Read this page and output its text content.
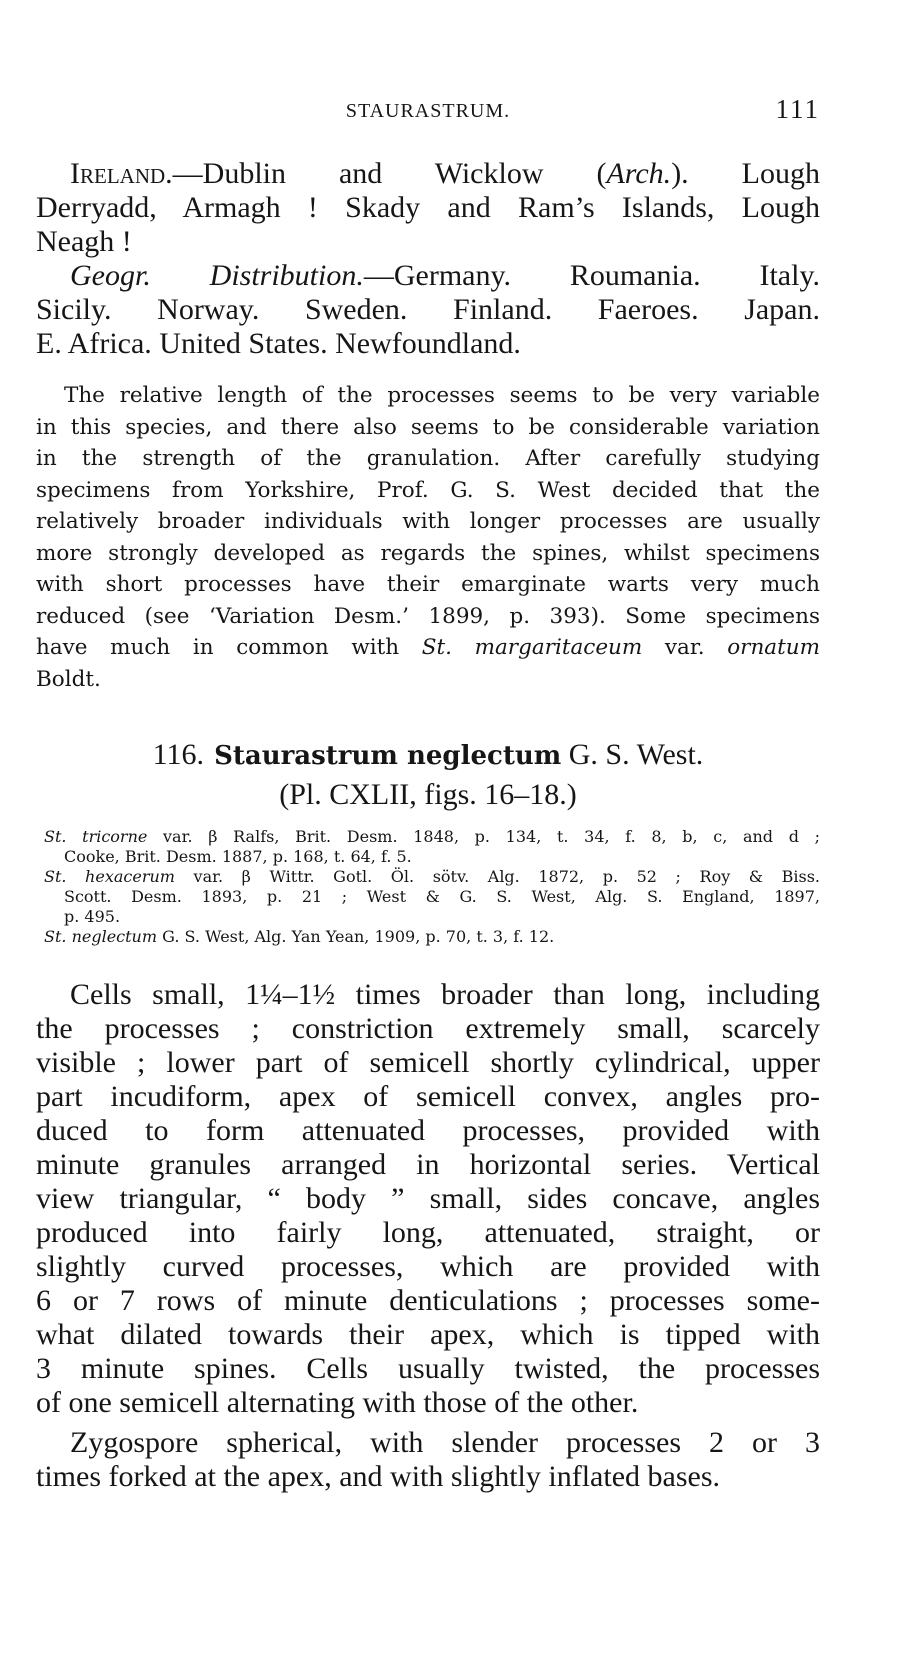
STAURASTRUM.	111
Ireland.—Dublin and Wicklow (Arch.). Lough
Derryadd, Armagh ! Skady and Ram’s Islands, Lough
Neagh !
Geogr. Distribution.—Germany. Roumania. Italy.
Sicily. Norway. Sweden. Finland. Faeroes. Japan.
E. Africa. United States. Newfoundland.
The relative length of the processes seems to be very variable
in this species, and there also seems to be considerable variation
in the strength of the granulation. After carefully studying
specimens from Yorkshire, Prof. G. S. West decided that the
relatively broader individuals with longer processes are usually
more strongly developed as regards the spines, whilst specimens
with short processes have their emarginate warts very much
reduced (see ‘Variation Desm.’ 1899, p. 393). Some specimens
have much in common with St. margaritaceum var. ornatum
Boldt.
116. Staurastrum neglectum G. S. West.
(Pl. CXLII, figs. 16–18.)
St. tricorne var. β Ralfs, Brit. Desm. 1848, p. 134, t. 34, f. 8, b, c, and d ;
Cooke, Brit. Desm. 1887, p. 168, t. 64, f. 5.
St. hexacerum var. β Wittr. Gotl. Öl. sötv. Alg. 1872, p. 52 ; Roy & Biss.
Scott. Desm. 1893, p. 21 ; West & G. S. West, Alg. S. England, 1897,
p. 495.
St. neglectum G. S. West, Alg. Yan Yean, 1909, p. 70, t. 3, f. 12.
Cells small, 1¼–1½ times broader than long, including
the processes ; constriction extremely small, scarcely
visible ; lower part of semicell shortly cylindrical, upper
part incudiform, apex of semicell convex, angles pro-
duced to form attenuated processes, provided with
minute granules arranged in horizontal series. Vertical
view triangular, “ body ” small, sides concave, angles
produced into fairly long, attenuated, straight, or
slightly curved processes, which are provided with
6 or 7 rows of minute denticulations ; processes some-
what dilated towards their apex, which is tipped with
3 minute spines. Cells usually twisted, the processes
of one semicell alternating with those of the other.
Zygospore spherical, with slender processes 2 or 3
times forked at the apex, and with slightly inflated bases.
